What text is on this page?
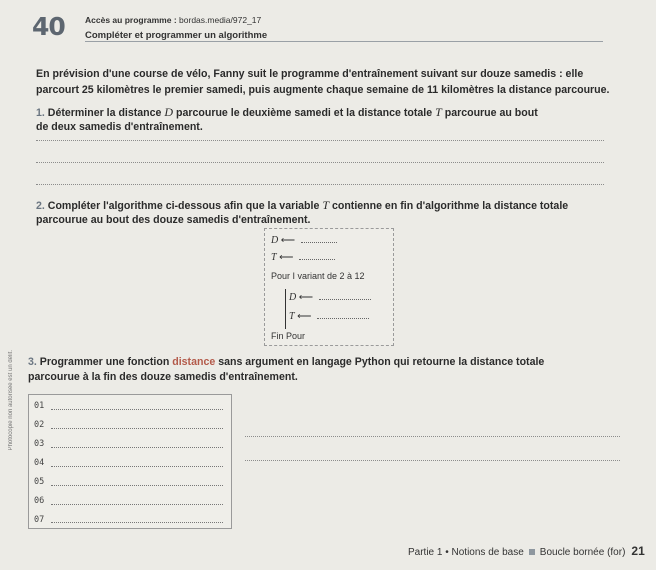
40 Accès au programme : bordas.media/972_17
Compléter et programmer un algorithme
En prévision d'une course de vélo, Fanny suit le programme d'entraînement suivant sur douze samedis : elle
parcourt 25 kilomètres le premier samedi, puis augmente chaque semaine de 11 kilomètres la distance parcourue.
1. Déterminer la distance D parcourue le deuxième samedi et la distance totale T parcourue au bout
de deux samedis d'entraînement.
2. Compléter l'algorithme ci-dessous afin que la variable T contienne en fin d'algorithme la distance totale
parcourue au bout des douze samedis d'entraînement.
D ⟵
T ⟵
Pour I variant de 2 à 12
D ⟵
T ⟵
Fin Pour
3. Programmer une fonction distance sans argument en langage Python qui retourne la distance totale
parcourue à la fin des douze samedis d'entraînement.
Photocopie non autorisée est un délit. 01
02
03
04
05
06
07
Partie 1 • Notions de base Boucle bornée (for) 21
